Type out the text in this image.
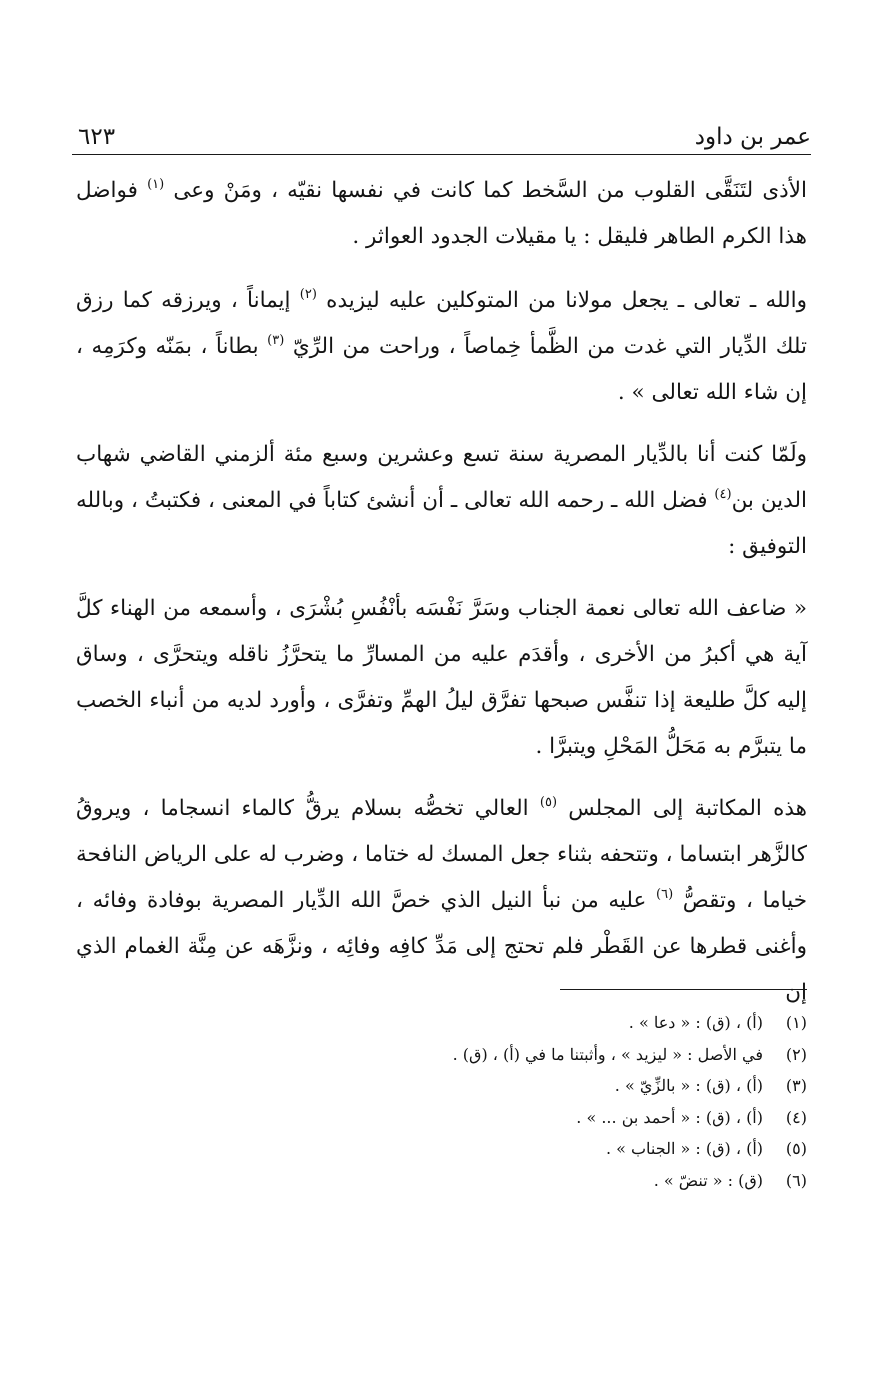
عمر بن داود
٦٢٣

الأذى لتَنَقَّى القلوب من السَّخط كما كانت في نفسها نقيّه ، ومَنْ وعى $^{(١)}$ فواضل هذا الكرم الطاهر فليقل : يا مقيلات الجدود العواثر .

والله ـ تعالى ـ يجعل مولانا من المتوكلين عليه ليزيده $^{(٢)}$ إيماناً ، ويرزقه كما رزق تلك الدِّيار التي غدت من الظَّمأ خِماصاً ، وراحت من الرِّيّ $^{(٣)}$ بطاناً ، بمَنّه وكرَمِه ، إن شاء الله تعالى » .

ولَمّا كنت أنا بالدِّيار المصرية سنة تسع وعشرين وسبع مئة ألزمني القاضي شهاب الدين بن$^{(٤)}$ فضل الله ـ رحمه الله تعالى ـ أن أنشئ كتاباً في المعنى ، فكتبتُ ، وبالله التوفيق :

« ضاعف الله تعالى نعمة الجناب وسَرَّ نَفْسَه بأنْفُسِ بُشْرَى ، وأسمعه من الهناء كلَّ آية هي أكبرُ من الأخرى ، وأقدَم عليه من المسارِّ ما يتحرَّزُ ناقله ويتحرَّى ، وساق إليه كلَّ طليعة إذا تنفَّس صبحها تفرَّق ليلُ الهمِّ وتفرَّى ، وأورد لديه من أنباء الخصب ما يتبرَّم به مَحَلُّ المَحْلِ ويتبرَّا .

هذه المكاتبة إلى المجلس $^{(٥)}$ العالي تخصُّه بسلام يرقُّ كالماء انسجاما ، ويروقُ كالزَّهر ابتساما ، وتتحفه بثناء جعل المسك له ختاما ، وضرب له على الرياض النافحة خياما ، وتقصُّ $^{(٦)}$ عليه من نبأ النيل الذي خصَّ الله الدِّيار المصرية بوفادة وفائه ، وأغنى قطرها عن القَطْر فلم تحتج إلى مَدِّ كافِه وفائِه ، ونزَّهَه عن مِنَّة الغمام الذي إن

(١)
(أ) ، (ق) : « دعا » .
(٢)
في الأصل : « ليزيد » ، وأثبتنا ما في (أ) ، (ق) .
(٣)
(أ) ، (ق) : « بالزِّيّ » .
(٤)
(أ) ، (ق) : « أحمد بن ... » .
(٥)
(أ) ، (ق) : « الجناب » .
(٦)
(ق) : « تنضّ » .
